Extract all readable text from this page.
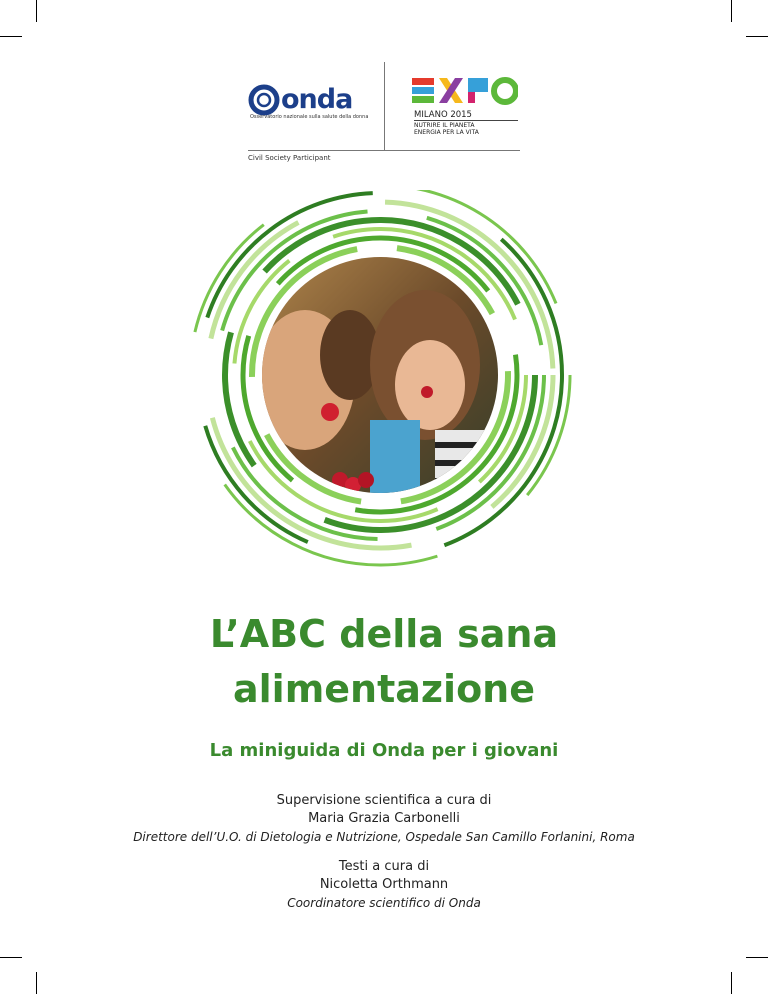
onda
Osservatorio nazionale sulla salute della donna	MILANO 2015
NUTRIRE IL PIANETA
ENERGIA PER LA VITA
Civil Society Participant
L’ABC della sana
alimentazione
La miniguida di Onda per i giovani
Supervisione scientifica a cura di
Maria Grazia Carbonelli
Direttore dell’U.O. di Dietologia e Nutrizione, Ospedale San Camillo Forlanini, Roma
Testi a cura di
Nicoletta Orthmann
Coordinatore scientifico di Onda
